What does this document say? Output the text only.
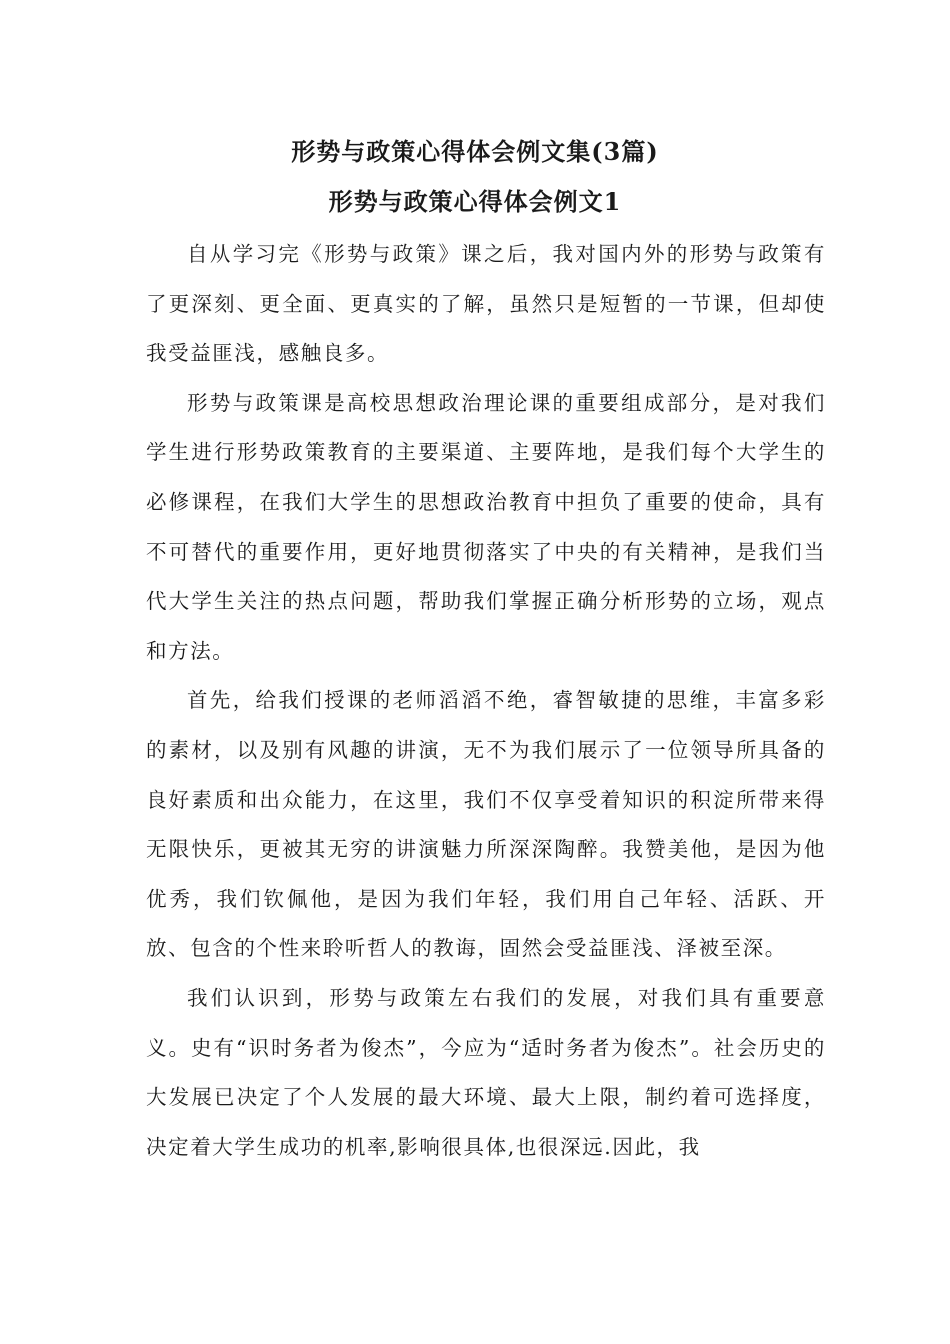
形势与政策心得体会例文集(3篇)
形势与政策心得体会例文1

自从学习完《形势与政策》课之后，我对国内外的形势与政策有了更深刻、更全面、更真实的了解，虽然只是短暂的一节课，但却使我受益匪浅，感触良多。

形势与政策课是高校思想政治理论课的重要组成部分，是对我们学生进行形势政策教育的主要渠道、主要阵地，是我们每个大学生的必修课程，在我们大学生的思想政治教育中担负了重要的使命，具有不可替代的重要作用，更好地贯彻落实了中央的有关精神，是我们当代大学生关注的热点问题，帮助我们掌握正确分析形势的立场，观点和方法。

首先，给我们授课的老师滔滔不绝，睿智敏捷的思维，丰富多彩的素材，以及别有风趣的讲演，无不为我们展示了一位领导所具备的良好素质和出众能力，在这里，我们不仅享受着知识的积淀所带来得无限快乐，更被其无穷的讲演魅力所深深陶醉。我赞美他，是因为他优秀，我们钦佩他，是因为我们年轻，我们用自己年轻、活跃、开放、包含的个性来聆听哲人的教诲，固然会受益匪浅、泽被至深。

我们认识到，形势与政策左右我们的发展，对我们具有重要意义。史有“识时务者为俊杰”，今应为“适时务者为俊杰”。社会历史的大发展已决定了个人发展的最大环境、最大上限，制约着可选择度，决定着大学生成功的机率,影响很具体,也很深远.因此，我
